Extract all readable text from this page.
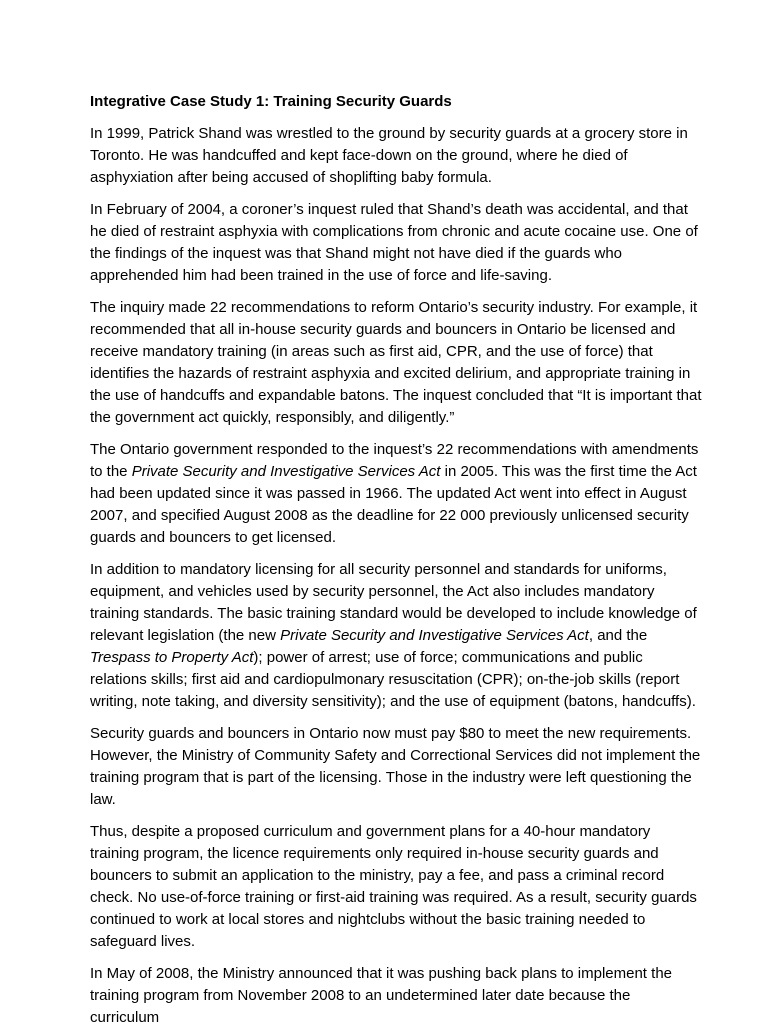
Integrative Case Study 1: Training Security Guards

In 1999, Patrick Shand was wrestled to the ground by security guards at a grocery store in Toronto. He was handcuffed and kept face-down on the ground, where he died of asphyxiation after being accused of shoplifting baby formula.

In February of 2004, a coroner’s inquest ruled that Shand’s death was accidental, and that he died of restraint asphyxia with complications from chronic and acute cocaine use. One of the findings of the inquest was that Shand might not have died if the guards who apprehended him had been trained in the use of force and life-saving.

The inquiry made 22 recommendations to reform Ontario’s security industry. For example, it recommended that all in-house security guards and bouncers in Ontario be licensed and receive mandatory training (in areas such as first aid, CPR, and the use of force) that identifies the hazards of restraint asphyxia and excited delirium, and appropriate training in the use of handcuffs and expandable batons. The inquest concluded that “It is important that the government act quickly, responsibly, and diligently.”

The Ontario government responded to the inquest’s 22 recommendations with amendments to the Private Security and Investigative Services Act in 2005. This was the first time the Act had been updated since it was passed in 1966. The updated Act went into effect in August 2007, and specified August 2008 as the deadline for 22 000 previously unlicensed security guards and bouncers to get licensed.

In addition to mandatory licensing for all security personnel and standards for uniforms, equipment, and vehicles used by security personnel, the Act also includes mandatory training standards. The basic training standard would be developed to include knowledge of relevant legislation (the new Private Security and Investigative Services Act, and the Trespass to Property Act); power of arrest; use of force; communications and public relations skills; first aid and cardiopulmonary resuscitation (CPR); on-the-job skills (report writing, note taking, and diversity sensitivity); and the use of equipment (batons, handcuffs).

Security guards and bouncers in Ontario now must pay $80 to meet the new requirements. However, the Ministry of Community Safety and Correctional Services did not implement the training program that is part of the licensing. Those in the industry were left questioning the law.

Thus, despite a proposed curriculum and government plans for a 40-hour mandatory training program, the licence requirements only required in-house security guards and bouncers to submit an application to the ministry, pay a fee, and pass a criminal record check. No use-of-force training or first-aid training was required. As a result, security guards continued to work at local stores and nightclubs without the basic training needed to safeguard lives.

In May of 2008, the Ministry announced that it was pushing back plans to implement the training program from November 2008 to an undetermined later date because the curriculum
